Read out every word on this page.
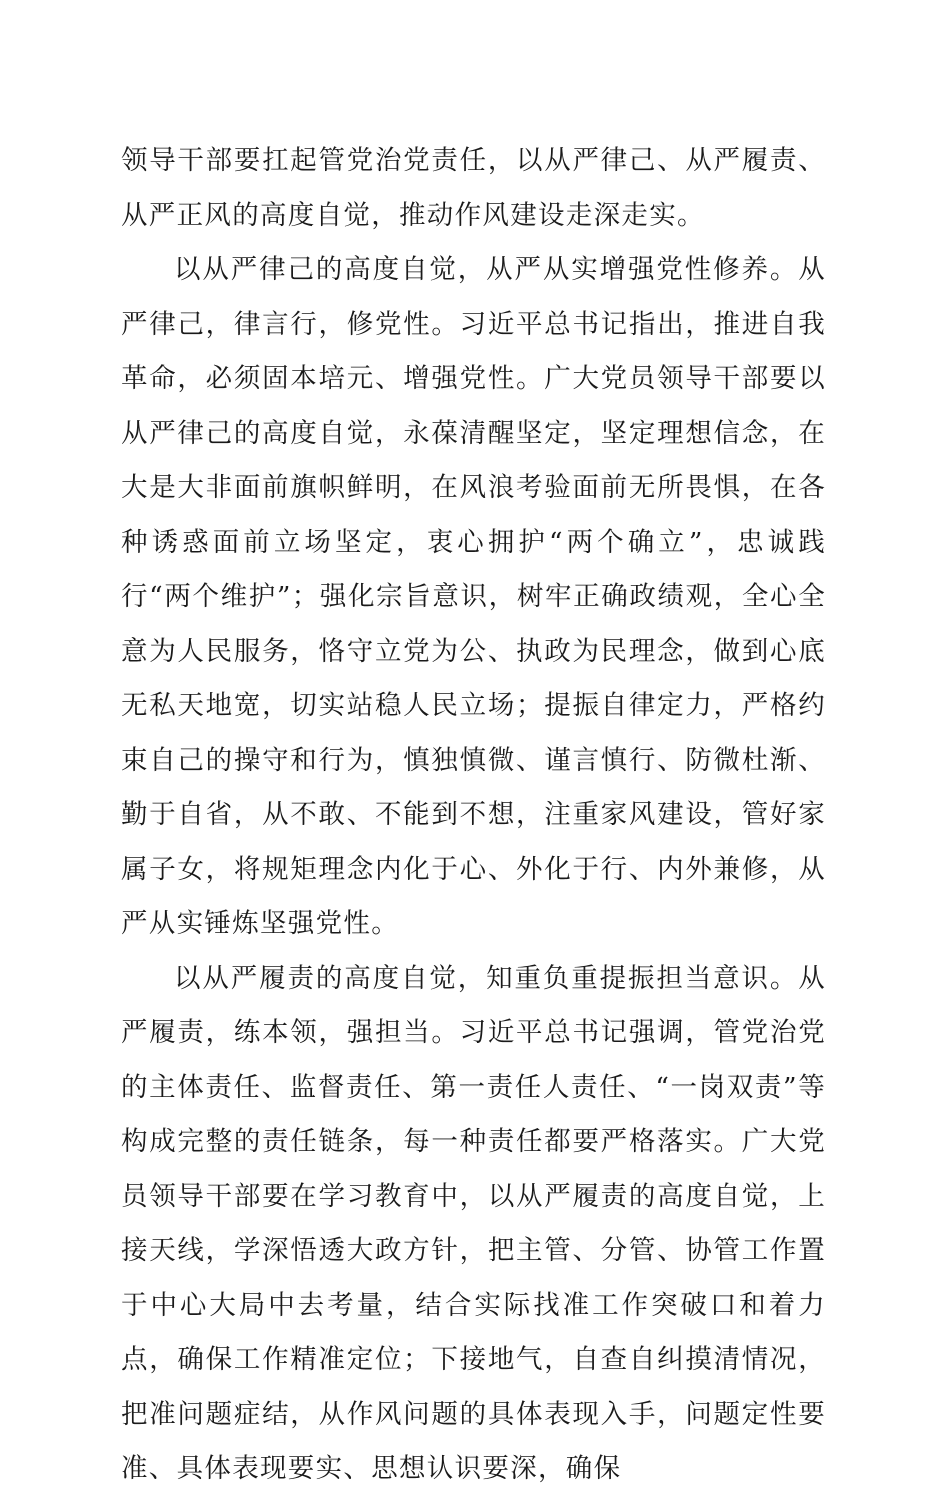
领导干部要扛起管党治党责任，以从严律己、从严履责、从严正风的高度自觉，推动作风建设走深走实。

以从严律己的高度自觉，从严从实增强党性修养。从严律己，律言行，修党性。习近平总书记指出，推进自我革命，必须固本培元、增强党性。广大党员领导干部要以从严律己的高度自觉，永葆清醒坚定，坚定理想信念，在大是大非面前旗帜鲜明，在风浪考验面前无所畏惧，在各种诱惑面前立场坚定，衷心拥护“两个确立”，忠诚践行“两个维护”；强化宗旨意识，树牢正确政绩观，全心全意为人民服务，恪守立党为公、执政为民理念，做到心底无私天地宽，切实站稳人民立场；提振自律定力，严格约束自己的操守和行为，慎独慎微、谨言慎行、防微杜渐、勤于自省，从不敢、不能到不想，注重家风建设，管好家属子女，将规矩理念内化于心、外化于行、内外兼修，从严从实锤炼坚强党性。

以从严履责的高度自觉，知重负重提振担当意识。从严履责，练本领，强担当。习近平总书记强调，管党治党的主体责任、监督责任、第一责任人责任、“一岗双责”等构成完整的责任链条，每一种责任都要严格落实。广大党员领导干部要在学习教育中，以从严履责的高度自觉，上接天线，学深悟透大政方针，把主管、分管、协管工作置于中心大局中去考量，结合实际找准工作突破口和着力点，确保工作精准定位；下接地气，自查自纠摸清情况，把准问题症结，从作风问题的具体表现入手，问题定性要准、具体表现要实、思想认识要深，确保
